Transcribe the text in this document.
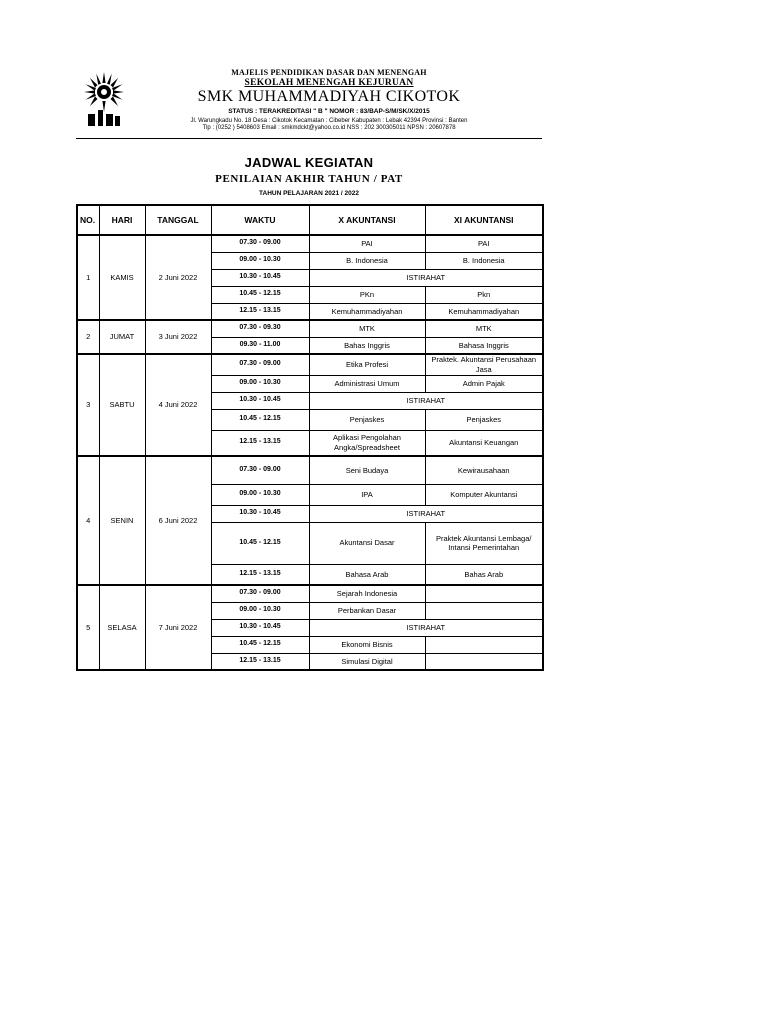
MAJELIS PENDIDIKAN DASAR DAN MENENGAH
SEKOLAH MENENGAH KEJURUAN
SMK MUHAMMADIYAH CIKOTOK
STATUS : TERAKREDITASI " B " NOMOR : 83/BAP-S/M/SK/X/2015
Jl. Warungkadu No. 18 Desa : Cikotok Kecamatan : Cibeber Kabupaten : Lebak 42394 Provinsi : Banten
Tlp : (0252 ) 5408603 Email : smkmdckt@yahoo.co.id NSS : 202 300305011 NPSN : 20607878
JADWAL KEGIATAN
PENILAIAN AKHIR TAHUN / PAT
TAHUN PELAJARAN 2021 / 2022
NO.	HARI	TANGGAL	WAKTU	X AKUNTANSI	XI AKUNTANSI
1	KAMIS	2 Juni 2022	07.30 - 09.00	PAI	PAI
			09.00 - 10.30	B. Indonesia	B. Indonesia
			10.30 - 10.45	ISTIRAHAT	
			10.45 - 12.15	PKn	Pkn
			12.15 - 13.15	Kemuhammadiyahan	Kemuhammadiyahan
2	JUMAT	3 Juni 2022	07.30 - 09.30	MTK	MTK
			09.30 - 11.00	Bahas Inggris	Bahasa Inggris
3	SABTU	4 Juni 2022	07.30 - 09.00	Etika Profesi	Praktek. Akuntansi Perusahaan Jasa
			09.00 - 10.30	Administrasi Umum	Admin Pajak
			10.30 - 10.45	ISTIRAHAT	
			10.45 - 12.15	Penjaskes	Penjaskes
			12.15 - 13.15	Aplikasi Pengolahan Angka/Spreadsheet	Akuntansi Keuangan
4	SENIN	6 Juni 2022	07.30 - 09.00	Seni Budaya	Kewirausahaan
			09.00 - 10.30	IPA	Komputer Akuntansi
			10.30 - 10.45	ISTIRAHAT	
			10.45 - 12.15	Akuntansi Dasar	Praktek Akuntansi Lembaga/ Intansi Pemerintahan
			12.15 - 13.15	Bahasa Arab	Bahas Arab
5	SELASA	7 Juni 2022	07.30 - 09.00	Sejarah Indonesia	
			09.00 - 10.30	Perbankan Dasar	
			10.30 - 10.45	ISTIRAHAT	
			10.45 - 12.15	Ekonomi Bisnis	
			12.15 - 13.15	Simulasi Digital	
